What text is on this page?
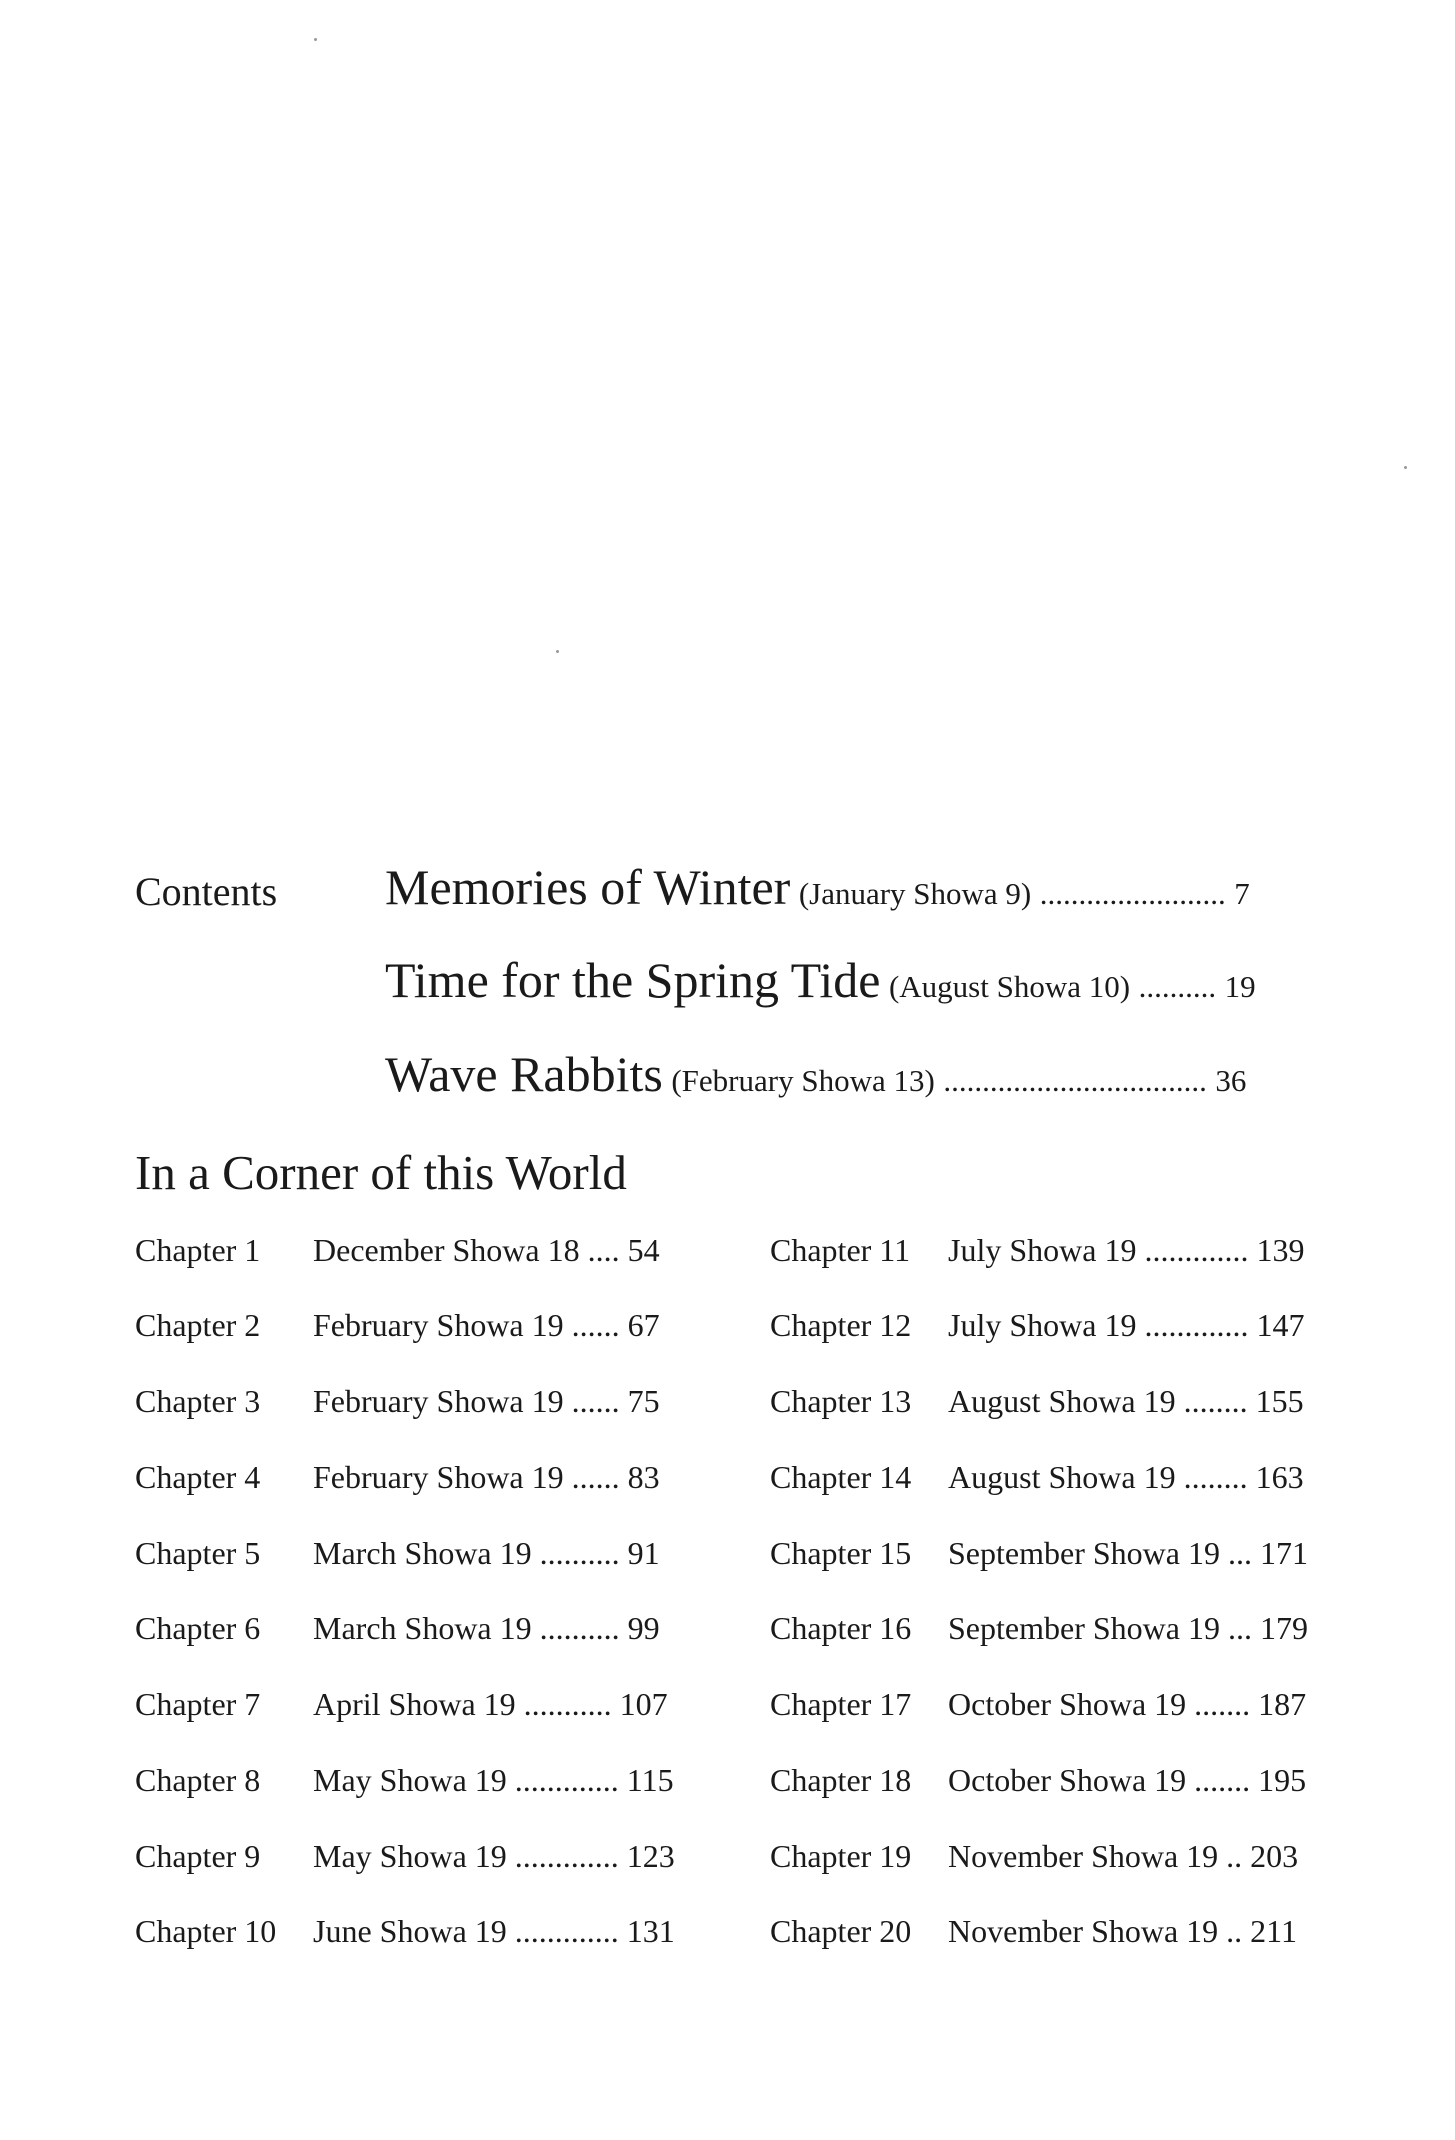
Contents Memories of Winter (January Showa 9) ........................ 7
Time for the Spring Tide (August Showa 10) .......... 19
Wave Rabbits (February Showa 13) .................................. 36
In a Corner of this World
Chapter 1 December Showa 18 .... 54
Chapter 2 February Showa 19 ...... 67
Chapter 3 February Showa 19 ...... 75
Chapter 4 February Showa 19 ...... 83
Chapter 5 March Showa 19 .......... 91
Chapter 6 March Showa 19 .......... 99
Chapter 7 April Showa 19 ........... 107
Chapter 8 May Showa 19 ............. 115
Chapter 9 May Showa 19 ............. 123
Chapter 10 June Showa 19 ............. 131
Chapter 11 July Showa 19 ............. 139
Chapter 12 July Showa 19 ............. 147
Chapter 13 August Showa 19 ........ 155
Chapter 14 August Showa 19 ........ 163
Chapter 15 September Showa 19 ... 171
Chapter 16 September Showa 19 ... 179
Chapter 17 October Showa 19 ....... 187
Chapter 18 October Showa 19 ....... 195
Chapter 19 November Showa 19 .. 203
Chapter 20 November Showa 19 .. 211
